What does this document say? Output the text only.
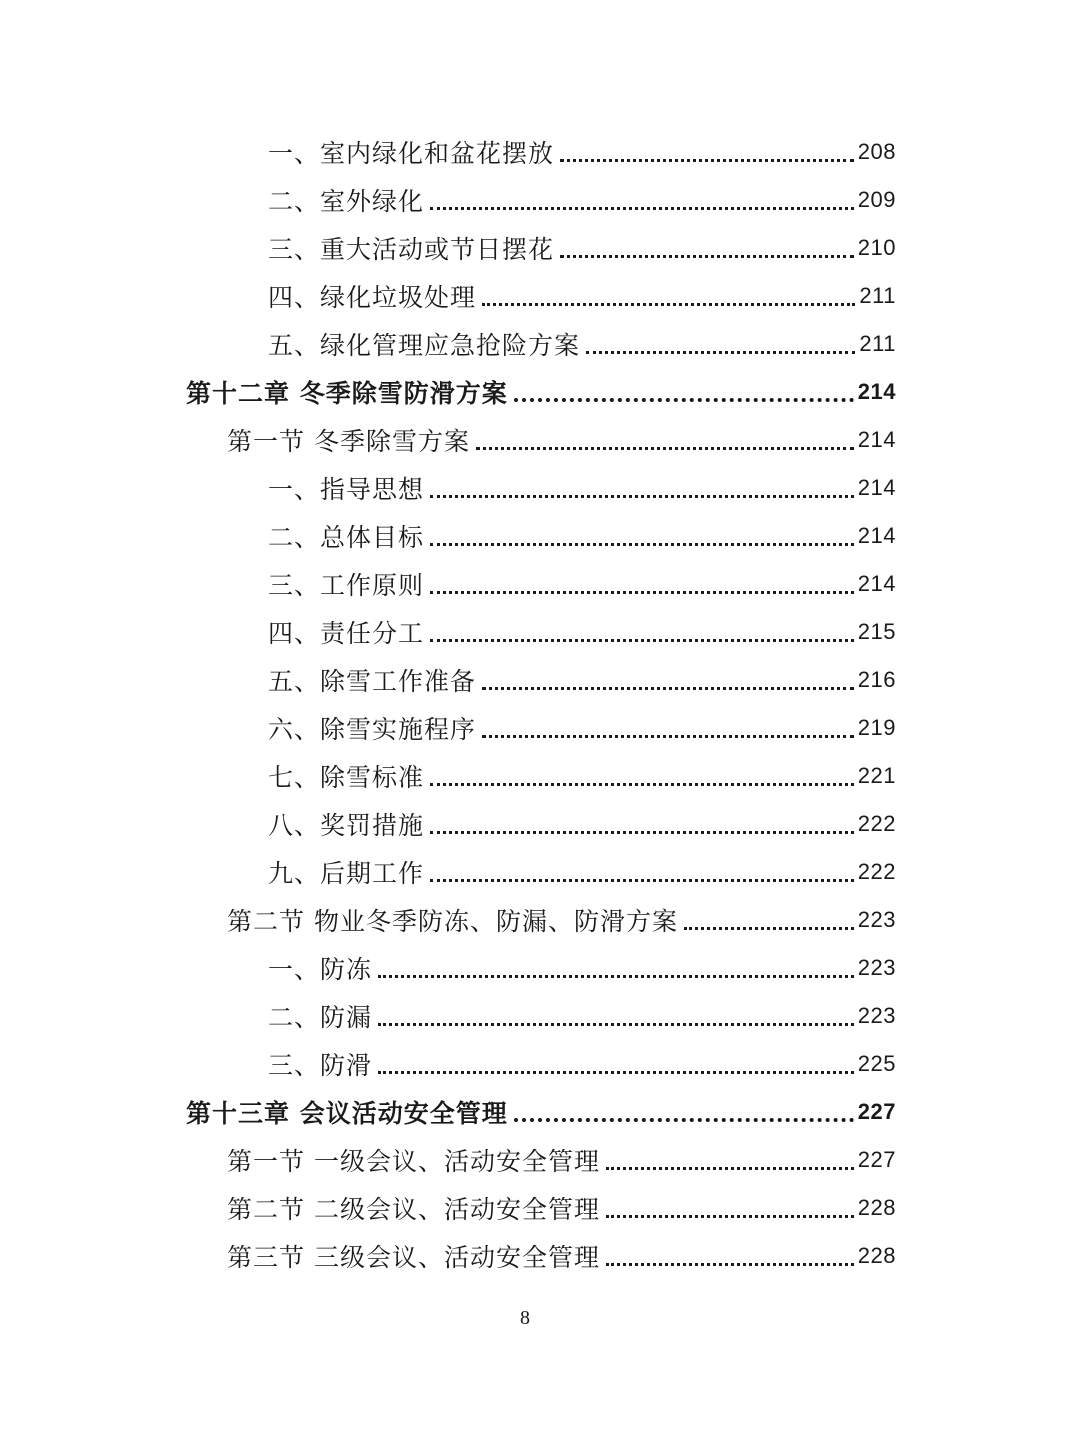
一、室内绿化和盆花摆放	208
二、室外绿化	209
三、重大活动或节日摆花	210
四、绿化垃圾处理	211
五、绿化管理应急抢险方案	211
第十二章 冬季除雪防滑方案	214
第一节 冬季除雪方案	214
一、指导思想	214
二、总体目标	214
三、工作原则	214
四、责任分工	215
五、除雪工作准备	216
六、除雪实施程序	219
七、除雪标准	221
八、奖罚措施	222
九、后期工作	222
第二节 物业冬季防冻、防漏、防滑方案	223
一、防冻	223
二、防漏	223
三、防滑	225
第十三章 会议活动安全管理	227
第一节 一级会议、活动安全管理	227
第二节 二级会议、活动安全管理	228
第三节 三级会议、活动安全管理	228
8
